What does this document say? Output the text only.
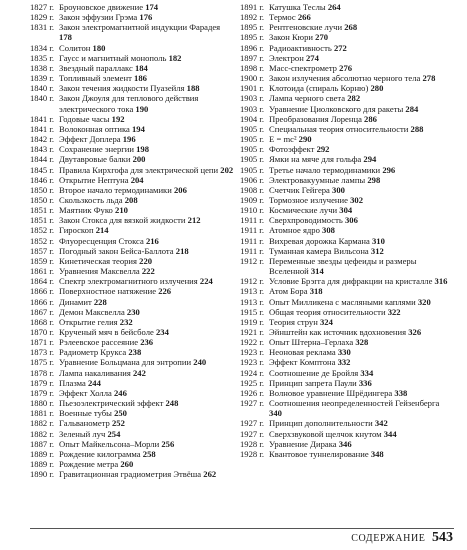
1827 г. Броуновское движение 174
1829 г. Закон эффузии Грэма 176
1831 г. Закон электромагнитной индукции Фарадея 178
1834 г. Солитон 180
1835 г. Гаусс и магнитный монополь 182
1838 г. Звездный параллакс 184
1839 г. Топливный элемент 186
1840 г. Закон течения жидкости Пуазейля 188
1840 г. Закон Джоуля для теплового действия электрического тока 190
1841 г. Годовые часы 192
1841 г. Волоконная оптика 194
1842 г. Эффект Доплера 196
1843 г. Сохранение энергии 198
1844 г. Двутавровые балки 200
1845 г. Правила Кирхгофа для электрической цепи 202
1846 г. Открытие Нептуна 204
1850 г. Второе начало термодинамики 206
1850 г. Скользкость льда 208
1851 г. Маятник Фуко 210
1851 г. Закон Стокса для вязкой жидкости 212
1852 г. Гироскоп 214
1852 г. Флуоресценция Стокса 216
1857 г. Погодный закон Бейса-Баллота 218
1859 г. Кинетическая теория 220
1861 г. Уравнения Максвелла 222
1864 г. Спектр электромагнитного излучения 224
1866 г. Поверхностное натяжение 226
1866 г. Динамит 228
1867 г. Демон Максвелла 230
1868 г. Открытие гелия 232
1870 г. Крученый мяч в бейсболе 234
1871 г. Рэлеевское рассеяние 236
1873 г. Радиометр Крукса 238
1875 г. Уравнение Больцмана для энтропии 240
1878 г. Лампа накаливания 242
1879 г. Плазма 244
1879 г. Эффект Холла 246
1880 г. Пьезоэлектрический эффект 248
1881 г. Военные тубы 250
1882 г. Гальванометр 252
1882 г. Зеленый луч 254
1887 г. Опыт Майкельсона–Морли 256
1889 г. Рождение килограмма 258
1889 г. Рождение метра 260
1890 г. Гравитационная градиометрия Этвёша 262
1891 г. Катушка Теслы 264
1892 г. Термос 266
1895 г. Рентгеновские лучи 268
1895 г. Закон Кюри 270
1896 г. Радиоактивность 272
1897 г. Электрон 274
1898 г. Масс-спектрометр 276
1900 г. Закон излучения абсолютно черного тела 278
1901 г. Клотоида (спираль Корню) 280
1903 г. Лампа черного света 282
1903 г. Уравнение Циолковского для ракеты 284
1904 г. Преобразования Лоренца 286
1905 г. Специальная теория относительности 288
1905 г. E = mc² 290
1905 г. Фотоэффект 292
1905 г. Ямки на мяче для гольфа 294
1905 г. Третье начало термодинамики 296
1906 г. Электровакуумные лампы 298
1908 г. Счетчик Гейгера 300
1909 г. Тормозное излучение 302
1910 г. Космические лучи 304
1911 г. Сверхпроводимость 306
1911 г. Атомное ядро 308
1911 г. Вихревая дорожка Кармана 310
1911 г. Туманная камера Вильсона 312
1912 г. Переменные звезды цефеиды и размеры Вселенной 314
1912 г. Условие Брэгга для дифракции на кристалле 316
1913 г. Атом Бора 318
1913 г. Опыт Милликена с масляными каплями 320
1915 г. Общая теория относительности 322
1919 г. Теория струн 324
1921 г. Эйнштейн как источник вдохновения 326
1922 г. Опыт Штерна–Герлаха 328
1923 г. Неоновая реклама 330
1923 г. Эффект Комптона 332
1924 г. Соотношение де Бройля 334
1925 г. Принцип запрета Паули 336
1926 г. Волновое уравнение Шрёдингера 338
1927 г. Соотношения неопределенностей Гейзенберга 340
1927 г. Принцип дополнительности 342
1927 г. Сверхзвуковой щелчок кнутом 344
1928 г. Уравнение Дирака 346
1928 г. Квантовое туннелирование 348
СОДЕРЖАНИЕ 543
